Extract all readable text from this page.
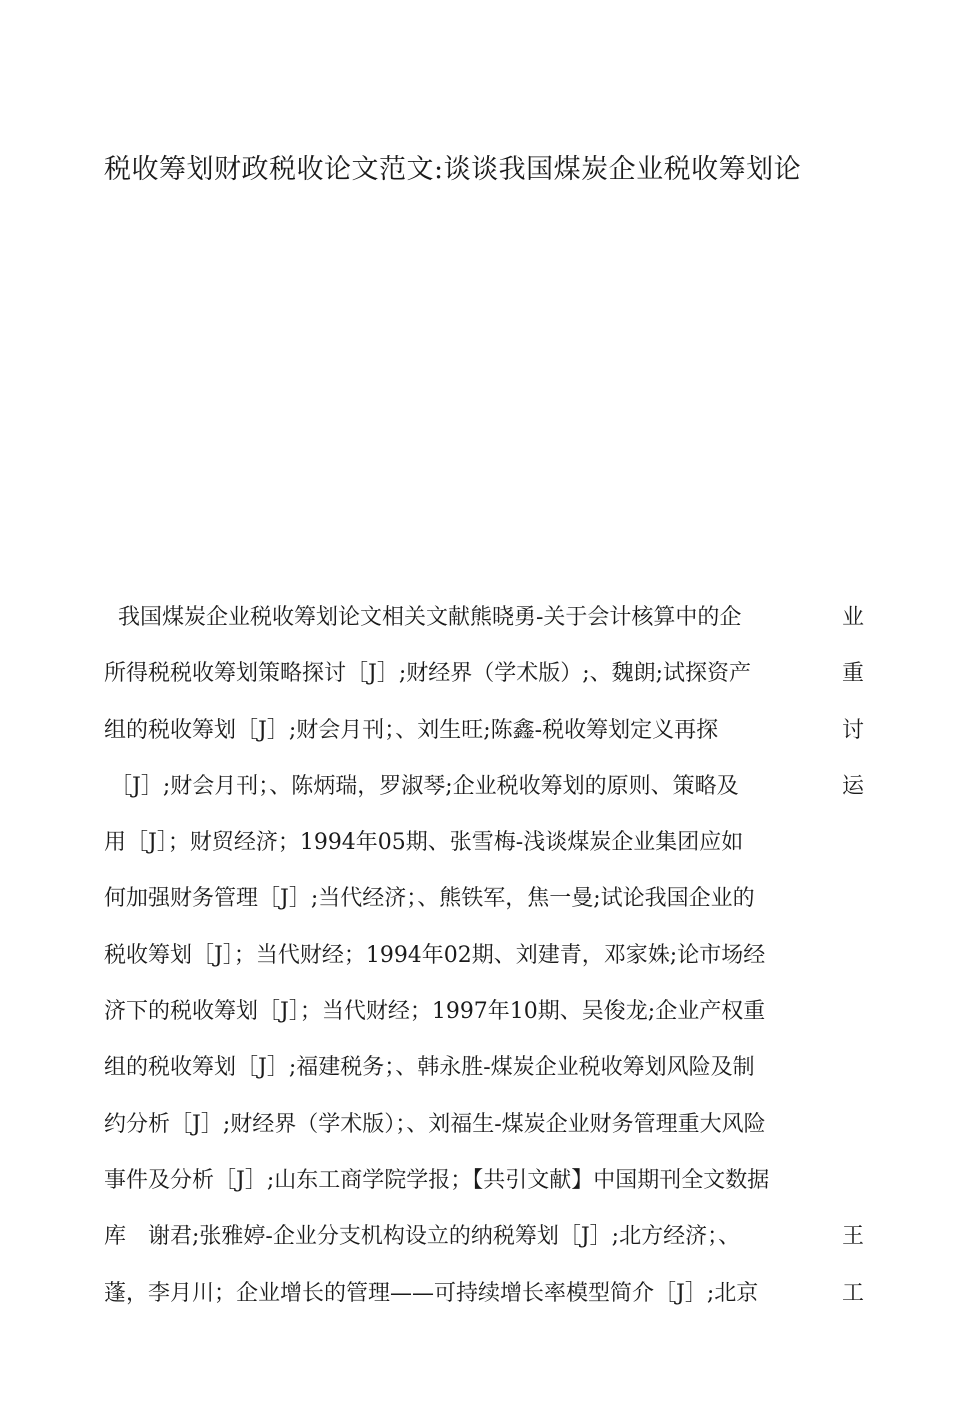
税收筹划财政税收论文范文:谈谈我国煤炭企业税收筹划论
我国煤炭企业税收筹划论文相关文献熊晓勇-关于会计核算中的企	业
所得税税收筹划策略探讨［J］;财经界（学术版）;、魏朗;试探资产	重
组的税收筹划［J］;财会月刊；、刘生旺;陈鑫-税收筹划定义再探	讨
［J］;财会月刊；、陈炳瑞，罗淑琴;企业税收筹划的原则、策略及	运
用［J］；财贸经济；1994年05期、张雪梅-浅谈煤炭企业集团应如
何加强财务管理［J］;当代经济；、熊铁军，焦一曼;试论我国企业的
税收筹划［J］；当代财经；1994年02期、刘建青，邓家姝;论市场经
济下的税收筹划［J］；当代财经；1997年10期、吴俊龙;企业产权重
组的税收筹划［J］;福建税务；、韩永胜-煤炭企业税收筹划风险及制
约分析［J］;财经界（学术版）；、刘福生-煤炭企业财务管理重大风险
事件及分析［J］;山东工商学院学报；【共引文献】中国期刊全文数据
库　谢君;张雅婷-企业分支机构设立的纳税筹划［J］;北方经济；、	王
蓬，李月川；企业增长的管理——可持续增长率模型简介［J］;北京	工
